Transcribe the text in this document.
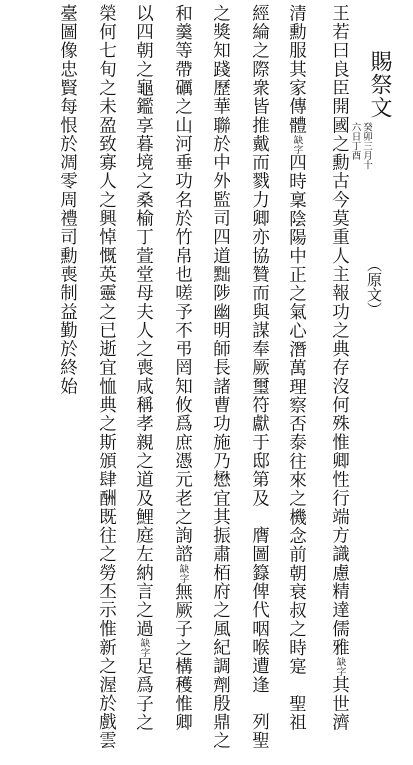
賜祭文
癸卯三月十
六日丁酉
（原文）
王若曰良臣開國之勳古今莫重人主報功之典存沒何殊惟卿性行端方識慮精達儒雅缺字其世濟
清勳服其家傳體缺字四時稟陰陽中正之氣心潛萬理察否泰往來之機念前朝衰叔之時寔　聖祖
經綸之際衆皆推戴而戮力卿亦協贊而與謀奉厥璽符獻于邸第及　膺圖籙俾代咽喉遭逢　列聖
之獎知踐歷華聯於中外監司四道黜陟幽明師長諸曹功施乃懋宜其振肅栢府之風紀調劑殷鼎之
和羹等帶礪之山河垂功名於竹帛也嗟予不弔罔知攸爲庶憑元老之詢諮缺字無厥子之構穫惟卿
以四朝之龜鑑享暮境之桑榆丁萱堂母夫人之喪咸稱孝親之道及鯉庭左納言之過缺字足爲子之
榮何七旬之未盈致寡人之興悼慨英靈之已逝宜恤典之斯頒肆酬既往之勞丕示惟新之渥於戲雲
臺圖像忠賢每恨於凋零周禮司勳喪制益勤於終始
